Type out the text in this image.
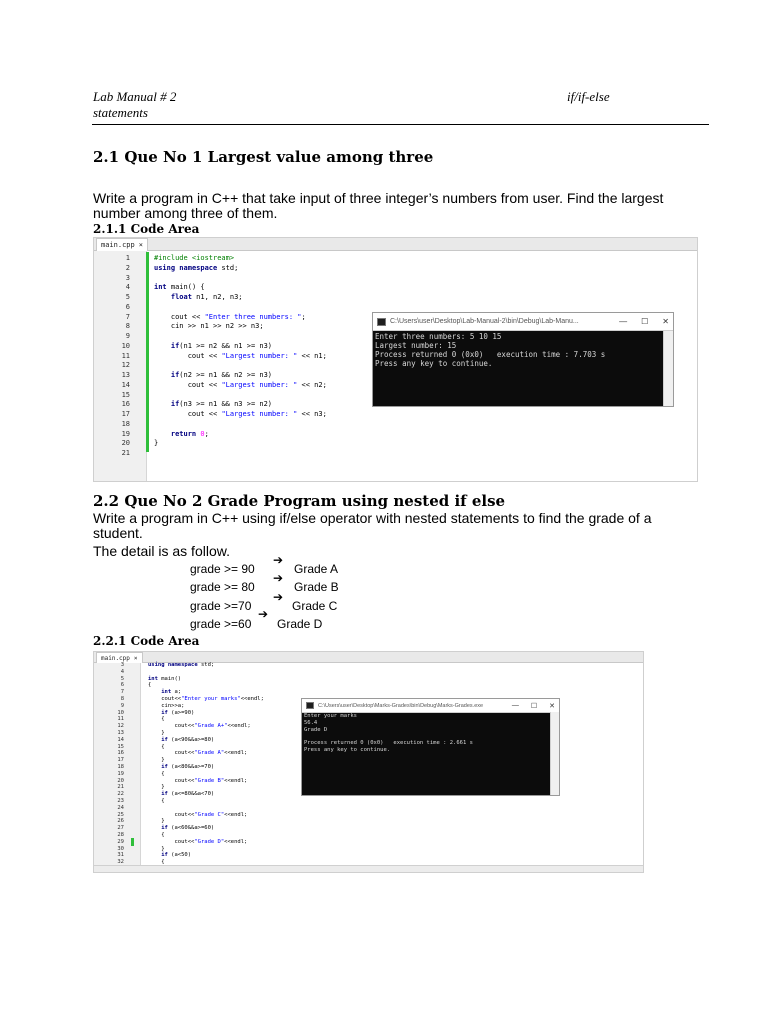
Lab Manual # 2	if/if-else
statements
2.1 Que No 1 Largest value among three
Write a program in C++ that take input of three integer’s numbers from user. Find the largest number among three of them.
2.1.1 Code Area
main.cpp ×
1
2
3
4
5
6
7
8
9
10
11
12
13
14
15
16
17
18
19
20
21
#include <iostream>
using namespace std;

int main() {
float n1, n2, n3;

cout << "Enter three numbers: ";
cin >> n1 >> n2 >> n3;

if(n1 >= n2 && n1 >= n3)
cout << "Largest number: " << n1;

if(n2 >= n1 && n2 >= n3)
cout << "Largest number: " << n2;

if(n3 >= n1 && n3 >= n2)
cout << "Largest number: " << n3;

return 0;
}

C:\Users\user\Desktop\Lab-Manual-2\bin\Debug\Lab-Manu...	— ☐ ✕
Enter three numbers: 5 10 15
Largest number: 15
Process returned 0 (0x0)   execution time : 7.703 s
Press any key to continue.
2.2 Que No 2 Grade Program using nested if else
Write a program in C++ using if/else operator with nested statements to find the grade of a student.
The detail is as follow.
grade >= 90
➔
Grade A
grade >= 80
➔
Grade B
grade >=70
➔
Grade C
grade >=60
➔
Grade D
2.2.1 Code Area
main.cpp ×
3
4
5
6
7
8
9
10
11
12
13
14
15
16
17
18
19
20
21
22
23
24
25
26
27
28
29
30
31
32
using namespace std;

int main()
{
int a;
cout<<"Enter your marks"<<endl;
cin>>a;
if (a>=90)
{
cout<<"Grade A+"<<endl;
}
if (a<90&&a>=80)
{
cout<<"Grade A"<<endl;
}
if (a<80&&a>=70)
{
cout<<"Grade B"<<endl;
}
if (a<=80&&a<70)
{

cout<<"Grade C"<<endl;
}
if (a<60&&a>=60)
{
cout<<"Grade D"<<endl;
}
if (a<50)
{
C:\Users\user\Desktop\Marks-Grades\bin\Debug\Marks-Grades.exe	— ☐ ✕
Enter your marks
56.4
Grade D
Process returned 0 (0x0)   execution time : 2.661 s
Press any key to continue.
